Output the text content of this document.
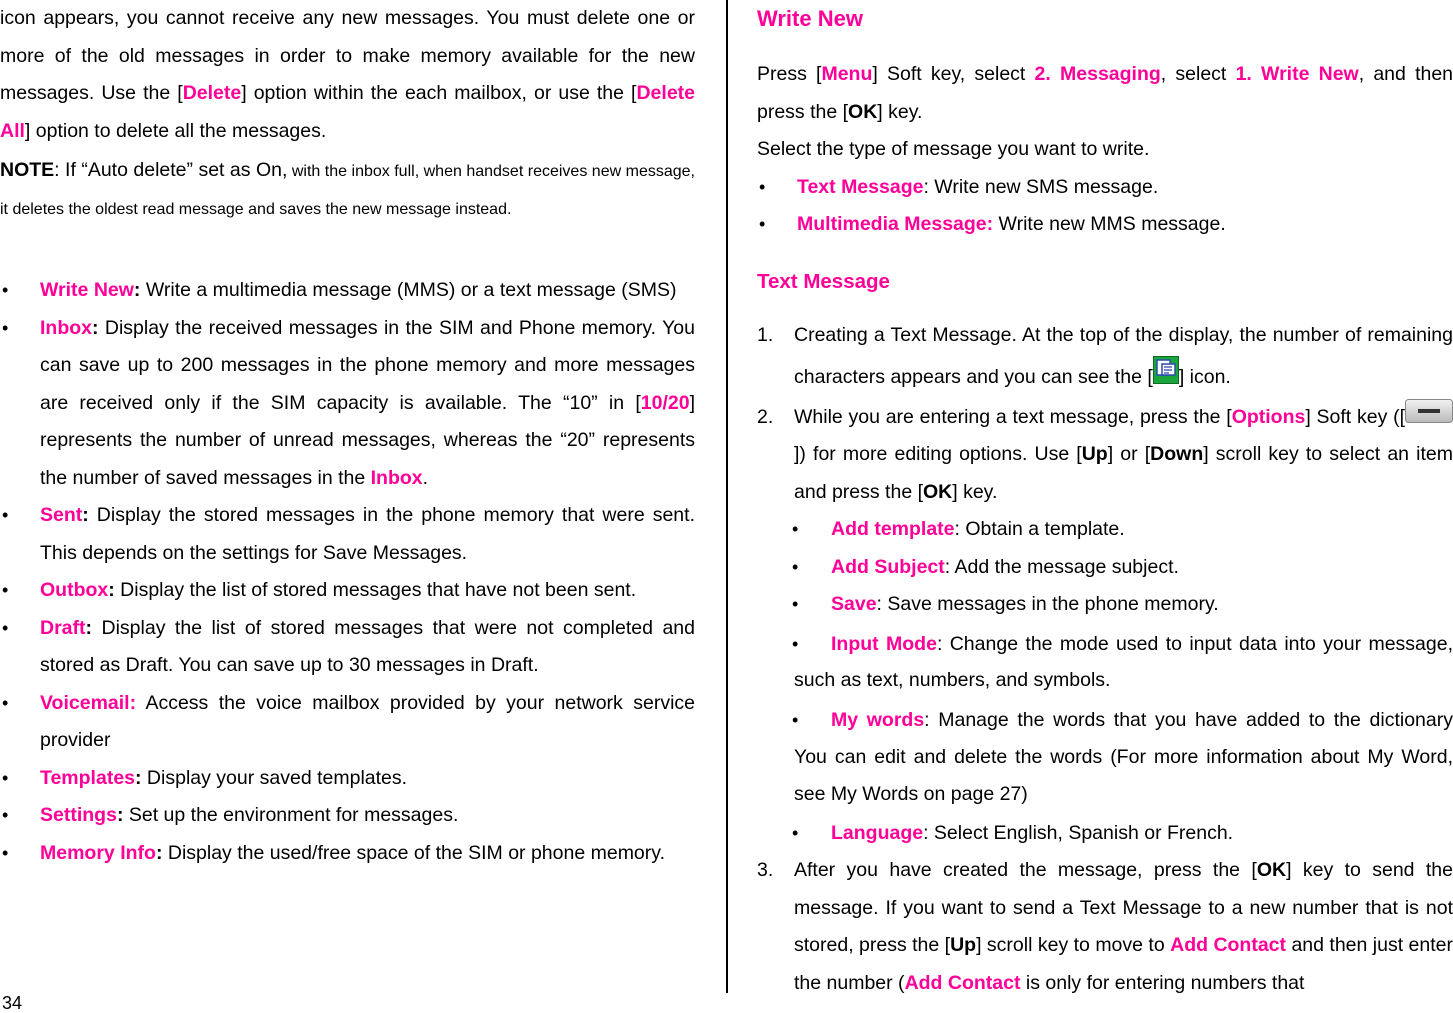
icon appears, you cannot receive any new messages. You must delete one or more of the old messages in order to make memory available for the new messages. Use the [Delete] option within the each mailbox, or use the [Delete All] option to delete all the messages.

NOTE: If “Auto delete” set as On, with the inbox full, when handset receives new message, it deletes the oldest read message and saves the new message instead.

• Write New: Write a multimedia message (MMS) or a text message (SMS)
• Inbox: Display the received messages in the SIM and Phone memory. You can save up to 200 messages in the phone memory and more messages are received only if the SIM capacity is available. The “10” in [10/20] represents the number of unread messages, whereas the “20” represents the number of saved messages in the Inbox.
• Sent: Display the stored messages in the phone memory that were sent. This depends on the settings for Save Messages.
• Outbox: Display the list of stored messages that have not been sent.
• Draft: Display the list of stored messages that were not completed and stored as Draft. You can save up to 30 messages in Draft.
• Voicemail: Access the voice mailbox provided by your network service provider
• Templates: Display your saved templates.
• Settings: Set up the environment for messages.
• Memory Info: Display the used/free space of the SIM or phone memory.
34
Write New

Press [Menu] Soft key, select 2. Messaging, select 1. Write New, and then press the [OK] key.

Select the type of message you want to write.

• Text Message: Write new SMS message.
• Multimedia Message: Write new MMS message.
Text Message
1. Creating a Text Message. At the top of the display, the number of remaining characters appears and you can see the [ ] icon.
2. While you are entering a text message, press the [Options] Soft key ([]) for more editing options. Use [Up] or [Down] scroll key to select an item and press the [OK] key.
• Add template: Obtain a template.
• Add Subject: Add the message subject.
• Save: Save messages in the phone memory.
• Input Mode: Change the mode used to input data into your message, such as text, numbers, and symbols.
• My words: Manage the words that you have added to the dictionary You can edit and delete the words (For more information about My Word, see My Words on page 27)
• Language: Select English, Spanish or French.
3. After you have created the message, press the [OK] key to send the message. If you want to send a Text Message to a new number that is not stored, press the [Up] scroll key to move to Add Contact and then just enter the number (Add Contact is only for entering numbers that
